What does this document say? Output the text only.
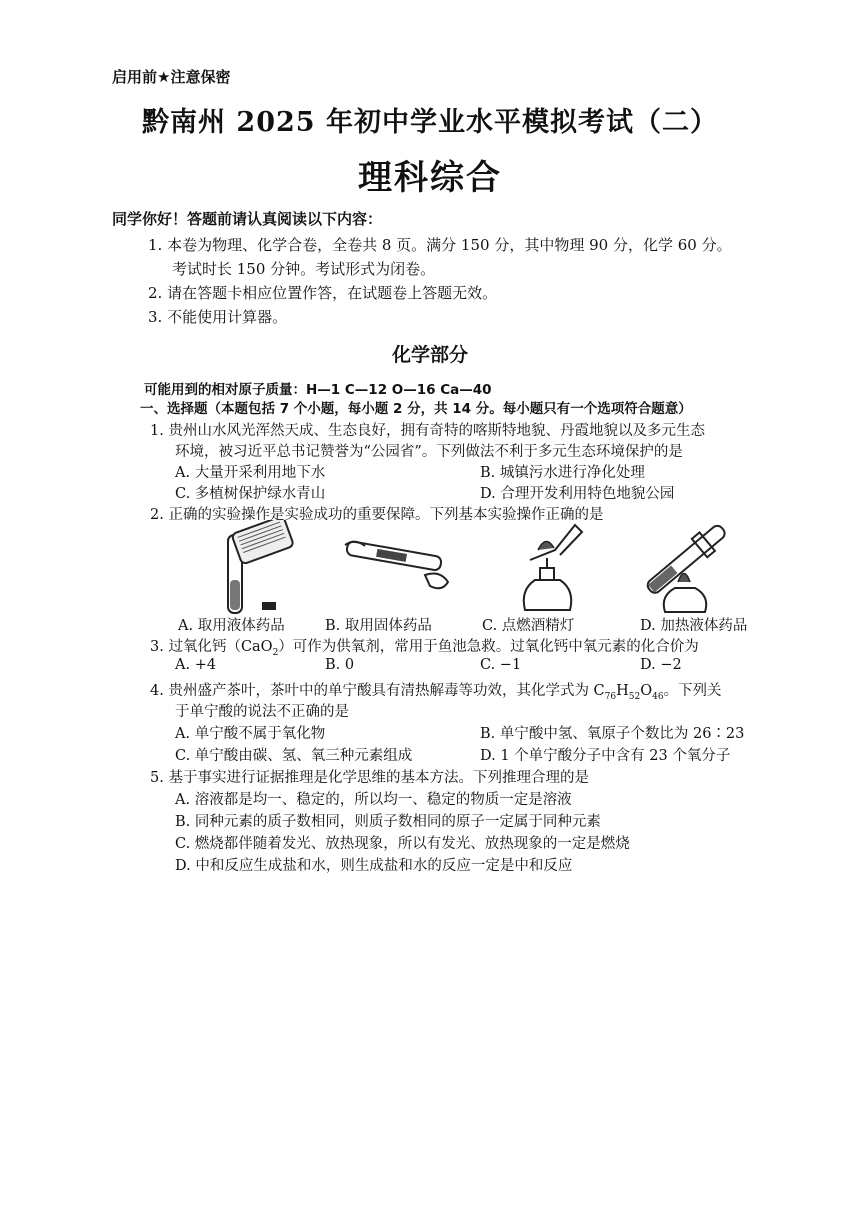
启用前★注意保密
黔南州 2025 年初中学业水平模拟考试（二）
理科综合
同学你好！答题前请认真阅读以下内容：
1. 本卷为物理、化学合卷，全卷共 8 页。满分 150 分，其中物理 90 分，化学 60 分。
考试时长 150 分钟。考试形式为闭卷。
2. 请在答题卡相应位置作答，在试题卷上答题无效。
3. 不能使用计算器。
化学部分
可能用到的相对原子质量：H—1 C—12 O—16 Ca—40
一、选择题（本题包括 7 个小题，每小题 2 分，共 14 分。每小题只有一个选项符合题意）
1. 贵州山水风光浑然天成、生态良好，拥有奇特的喀斯特地貌、丹霞地貌以及多元生态
环境，被习近平总书记赞誉为“公园省”。下列做法不利于多元生态环境保护的是
A. 大量开采利用地下水	B. 城镇污水进行净化处理
C. 多植树保护绿水青山	D. 合理开发利用特色地貌公园
2. 正确的实验操作是实验成功的重要保障。下列基本实验操作正确的是
A. 取用液体药品	B. 取用固体药品	C. 点燃酒精灯	D. 加热液体药品
3. 过氧化钙（CaO$_2$）可作为供氧剂，常用于鱼池急救。过氧化钙中氧元素的化合价为
A. +4	B. 0	C. −1	D. −2
4. 贵州盛产茶叶，茶叶中的单宁酸具有清热解毒等功效，其化学式为 $C_{76}H_{52}O_{46}$。下列关
于单宁酸的说法不正确的是
A. 单宁酸不属于氧化物	B. 单宁酸中氢、氧原子个数比为 26∶23
C. 单宁酸由碳、氢、氧三种元素组成	D. 1 个单宁酸分子中含有 23 个氧分子
5. 基于事实进行证据推理是化学思维的基本方法。下列推理合理的是
A. 溶液都是均一、稳定的，所以均一、稳定的物质一定是溶液
B. 同种元素的质子数相同，则质子数相同的原子一定属于同种元素
C. 燃烧都伴随着发光、放热现象，所以有发光、放热现象的一定是燃烧
D. 中和反应生成盐和水，则生成盐和水的反应一定是中和反应
